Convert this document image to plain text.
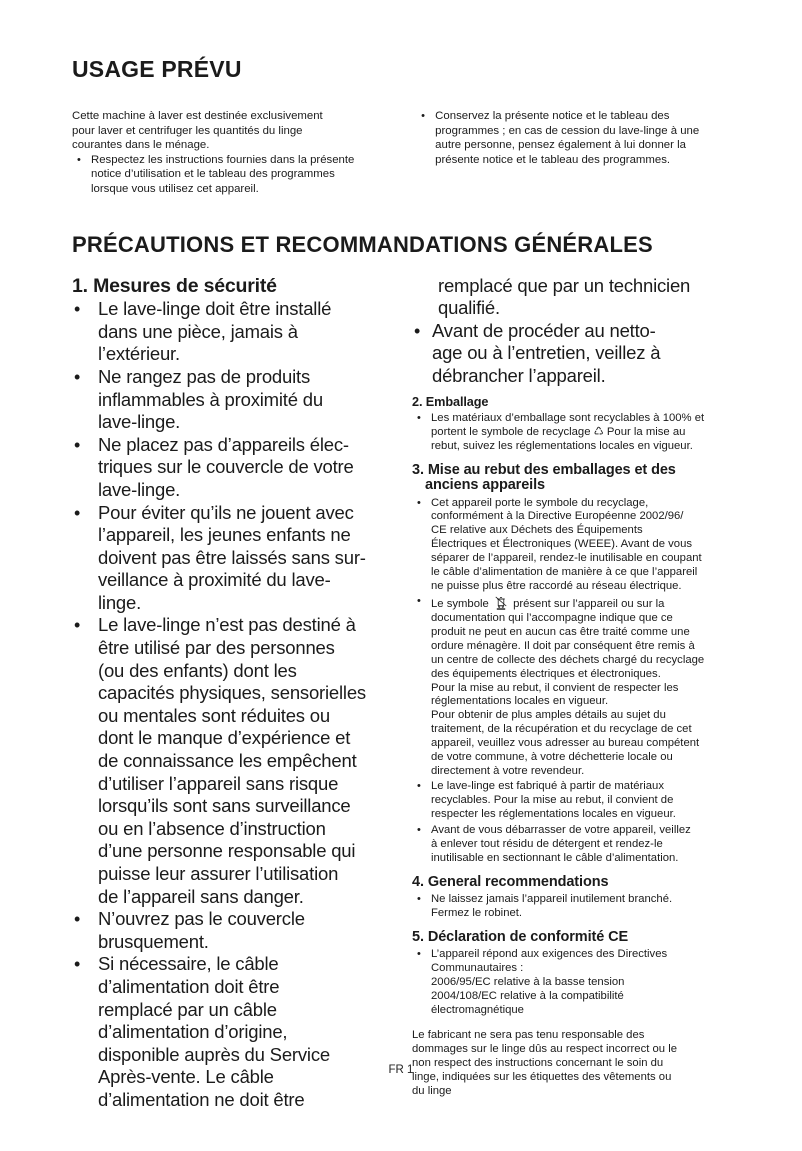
USAGE PRÉVU

Cette machine à laver est destinée exclusivement
pour laver et centrifuger les quantités du linge
courantes dans le ménage.

•
Respectez les instructions fournies dans la présente
notice d’utilisation et le tableau des programmes
lorsque vous utilisez cet appareil.
•
Conservez la présente notice et le tableau des
programmes ; en cas de cession du lave-linge à une
autre personne, pensez également à lui donner la
présente notice et le tableau des programmes.
PRÉCAUTIONS ET RECOMMANDATIONS GÉNÉRALES
1. Mesures de sécurité
•
Le lave-linge doit être installé
dans une pièce, jamais à
l’extérieur.
•
Ne rangez pas de produits
inflammables à proximité du
lave-linge.
•
Ne placez pas d’appareils élec-
triques sur le couvercle de votre
lave-linge.
•
Pour éviter qu’ils ne jouent avec
l’appareil, les jeunes enfants ne
doivent pas être laissés sans sur-
veillance à proximité du lave-
linge.
•
Le lave-linge n’est pas destiné à
être utilisé par des personnes
(ou des enfants) dont les
capacités physiques, sensorielles
ou mentales sont réduites ou
dont le manque d’expérience et
de connaissance les empêchent
d’utiliser l’appareil sans risque
lorsqu’ils sont sans surveillance
ou en l’absence d’instruction
d’une personne responsable qui
puisse leur assurer l’utilisation
de l’appareil sans danger.
•
N’ouvrez pas le couvercle
brusquement.
•
Si nécessaire, le câble
d’alimentation doit être
remplacé par un câble
d’alimentation d’origine,
disponible auprès du Service
Après-vente. Le câble
d’alimentation ne doit être
remplacé que par un technicien
qualifié.
•
Avant de procéder au netto-
age ou à l’entretien, veillez à
débrancher l’appareil.
2. Emballage
•
Les matériaux d’emballage sont recyclables à 100% et
portent le symbole de recyclage ♺ Pour la mise au
rebut, suivez les réglementations locales en vigueur.
3. Mise au rebut des emballages et des
anciens appareils
•
Cet appareil porte le symbole du recyclage,
conformément à la Directive Européenne 2002/96/
CE relative aux Déchets des Équipements
Électriques et Électroniques (WEEE). Avant de vous
séparer de l’appareil, rendez-le inutilisable en coupant
le câble d’alimentation de manière à ce que l’appareil
ne puisse plus être raccordé au réseau électrique.
•
Le symbole présent sur l’appareil ou sur la
documentation qui l’accompagne indique que ce
produit ne peut en aucun cas être traité comme une
ordure ménagère. Il doit par conséquent être remis à
un centre de collecte des déchets chargé du recyclage
des équipements électriques et électroniques.
Pour la mise au rebut, il convient de respecter les
réglementations locales en vigueur.
Pour obtenir de plus amples détails au sujet du
traitement, de la récupération et du recyclage de cet
appareil, veuillez vous adresser au bureau compétent
de votre commune, à votre déchetterie locale ou
directement à votre revendeur.
•
Le lave-linge est fabriqué à partir de matériaux
recyclables. Pour la mise au rebut, il convient de
respecter les réglementations locales en vigueur.
•
Avant de vous débarrasser de votre appareil, veillez
à enlever tout résidu de détergent et rendez-le
inutilisable en sectionnant le câble d’alimentation.
4. General recommendations
•
Ne laissez jamais l’appareil inutilement branché.
Fermez le robinet.
5. Déclaration de conformité CE
•
L’appareil répond aux exigences des Directives
Communautaires :
2006/95/EC relative à la basse tension
2004/108/EC relative à la compatibilité
électromagnétique

Le fabricant ne sera pas tenu responsable des
dommages sur le linge dûs au respect incorrect ou le
non respect des instructions concernant le soin du
linge, indiquées sur les étiquettes des vêtements ou
du linge

FR 1
